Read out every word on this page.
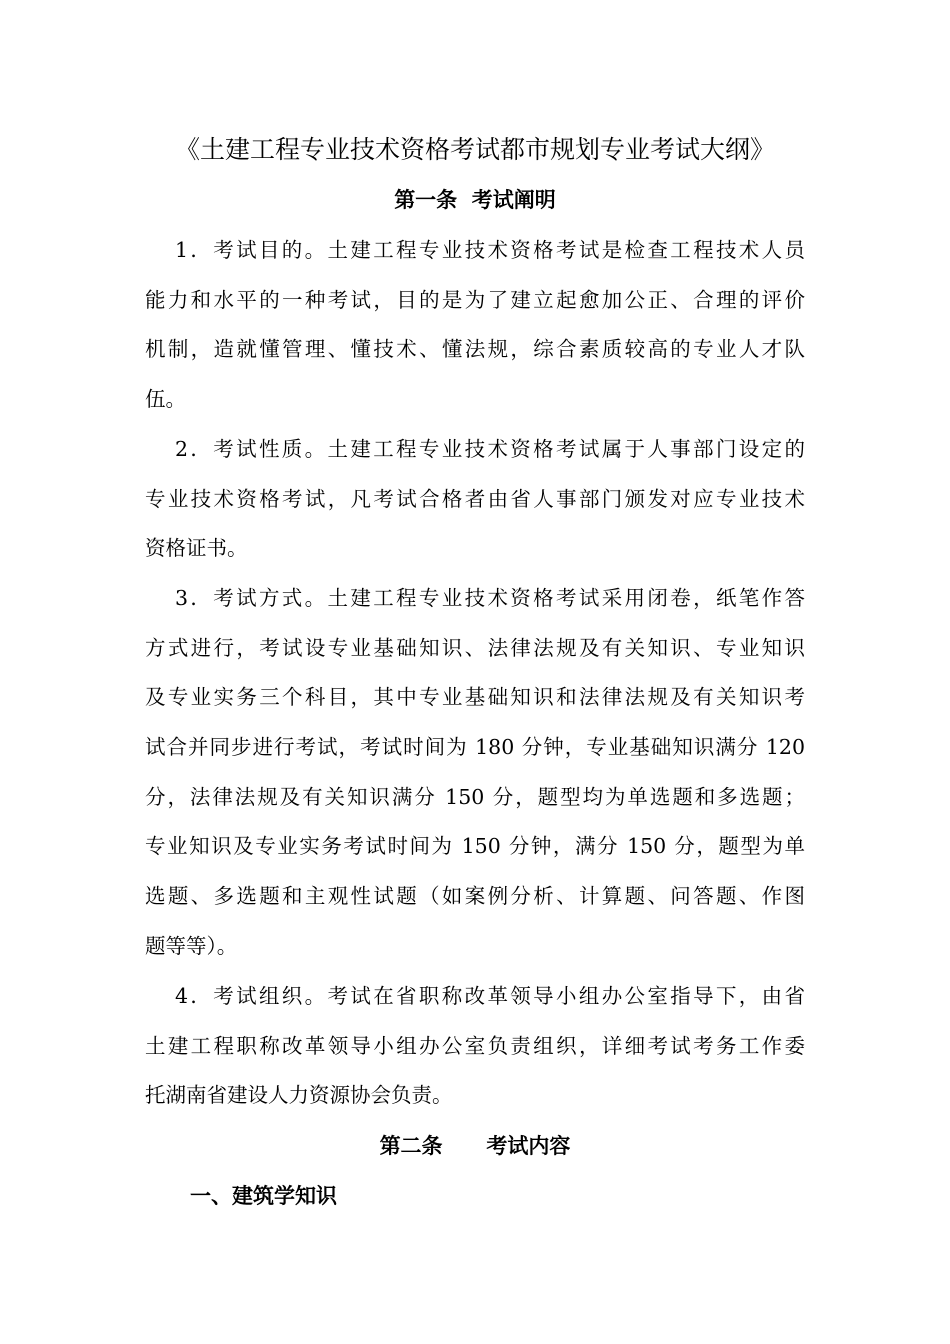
《土建工程专业技术资格考试都市规划专业考试大纲》
第一条  考试阐明
1．考试目的。土建工程专业技术资格考试是检查工程技术人员
能力和水平的一种考试，目的是为了建立起愈加公正、合理的评价
机制，造就懂管理、懂技术、懂法规，综合素质较高的专业人才队
伍。
2．考试性质。土建工程专业技术资格考试属于人事部门设定的
专业技术资格考试，凡考试合格者由省人事部门颁发对应专业技术
资格证书。
3．考试方式。土建工程专业技术资格考试采用闭卷，纸笔作答
方式进行，考试设专业基础知识、法律法规及有关知识、专业知识
及专业实务三个科目，其中专业基础知识和法律法规及有关知识考
试合并同步进行考试，考试时间为 180 分钟，专业基础知识满分 120
分，法律法规及有关知识满分 150 分，题型均为单选题和多选题；
专业知识及专业实务考试时间为 150 分钟，满分 150 分，题型为单
选题、多选题和主观性试题（如案例分析、计算题、问答题、作图
题等等）。
4．考试组织。考试在省职称改革领导小组办公室指导下，由省
土建工程职称改革领导小组办公室负责组织，详细考试考务工作委
托湖南省建设人力资源协会负责。
第二条      考试内容
一、建筑学知识
